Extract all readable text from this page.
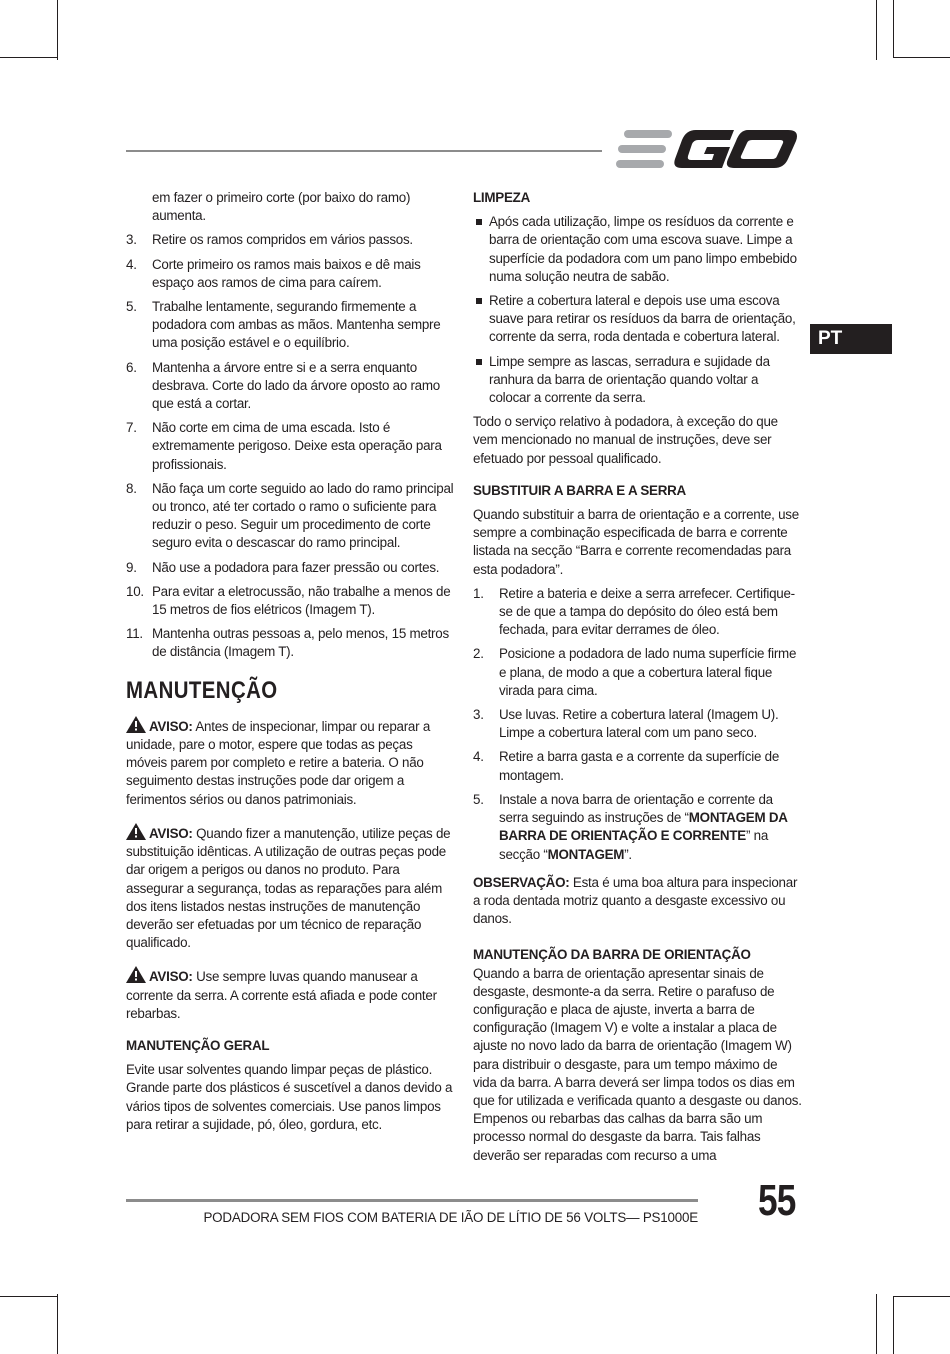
PT
em fazer o primeiro corte (por baixo do ramo) aumenta.
3. Retire os ramos compridos em vários passos.
4. Corte primeiro os ramos mais baixos e dê mais espaço aos ramos de cima para caírem.
5. Trabalhe lentamente, segurando firmemente a podadora com ambas as mãos. Mantenha sempre uma posição estável e o equilíbrio.
6. Mantenha a árvore entre si e a serra enquanto desbrava. Corte do lado da árvore oposto ao ramo que está a cortar.
7. Não corte em cima de uma escada. Isto é extremamente perigoso. Deixe esta operação para profissionais.
8. Não faça um corte seguido ao lado do ramo principal ou tronco, até ter cortado o ramo o suficiente para reduzir o peso. Seguir um procedimento de corte seguro evita o descascar do ramo principal.
9. Não use a podadora para fazer pressão ou cortes.
10. Para evitar a eletrocussão, não trabalhe a menos de 15 metros de fios elétricos (Imagem T).
11. Mantenha outras pessoas a, pelo menos, 15 metros de distância (Imagem T).
MANUTENÇÃO

AVISO: Antes de inspecionar, limpar ou reparar a unidade, pare o motor, espere que todas as peças móveis parem por completo e retire a bateria. O não seguimento destas instruções pode dar origem a ferimentos sérios ou danos patrimoniais.

AVISO: Quando fizer a manutenção, utilize peças de substituição idênticas. A utilização de outras peças pode dar origem a perigos ou danos no produto. Para assegurar a segurança, todas as reparações para além dos itens listados nestas instruções de manutenção deverão ser efetuadas por um técnico de reparação qualificado.

AVISO: Use sempre luvas quando manusear a corrente da serra. A corrente está afiada e pode conter rebarbas.

MANUTENÇÃO GERAL

Evite usar solventes quando limpar peças de plástico. Grande parte dos plásticos é suscetível a danos devido a vários tipos de solventes comerciais. Use panos limpos para retirar a sujidade, pó, óleo, gordura, etc.

LIMPEZA
Após cada utilização, limpe os resíduos da corrente e barra de orientação com uma escova suave. Limpe a superfície da podadora com um pano limpo embebido numa solução neutra de sabão.
Retire a cobertura lateral e depois use uma escova suave para retirar os resíduos da barra de orientação, corrente da serra, roda dentada e cobertura lateral.
Limpe sempre as lascas, serradura e sujidade da ranhura da barra de orientação quando voltar a colocar a corrente da serra.

Todo o serviço relativo à podadora, à exceção do que vem mencionado no manual de instruções, deve ser efetuado por pessoal qualificado.

SUBSTITUIR A BARRA E A SERRA

Quando substituir a barra de orientação e a corrente, use sempre a combinação especificada de barra e corrente listada na secção “Barra e corrente recomendadas para esta podadora”.

1. Retire a bateria e deixe a serra arrefecer. Certifique-se de que a tampa do depósito do óleo está bem fechada, para evitar derrames de óleo.
2. Posicione a podadora de lado numa superfície firme e plana, de modo a que a cobertura lateral fique virada para cima.
3. Use luvas. Retire a cobertura lateral (Imagem U). Limpe a cobertura lateral com um pano seco.
4. Retire a barra gasta e a corrente da superfície de montagem.
5. Instale a nova barra de orientação e corrente da serra seguindo as instruções de “MONTAGEM DA BARRA DE ORIENTAÇÃO E CORRENTE” na secção “MONTAGEM”.

OBSERVAÇÃO: Esta é uma boa altura para inspecionar a roda dentada motriz quanto a desgaste excessivo ou danos.

MANUTENÇÃO DA BARRA DE ORIENTAÇÃO

Quando a barra de orientação apresentar sinais de desgaste, desmonte-a da serra. Retire o parafuso de configuração e placa de ajuste, inverta a barra de configuração (Imagem V) e volte a instalar a placa de ajuste no novo lado da barra de orientação (Imagem W) para distribuir o desgaste, para um tempo máximo de vida da barra. A barra deverá ser limpa todos os dias em que for utilizada e verificada quanto a desgaste ou danos. Empenos ou rebarbas das calhas da barra são um processo normal do desgaste da barra. Tais falhas deverão ser reparadas com recurso a uma

PODADORA SEM FIOS COM BATERIA DE IÃO DE LÍTIO DE 56 VOLTS— PS1000E 55
